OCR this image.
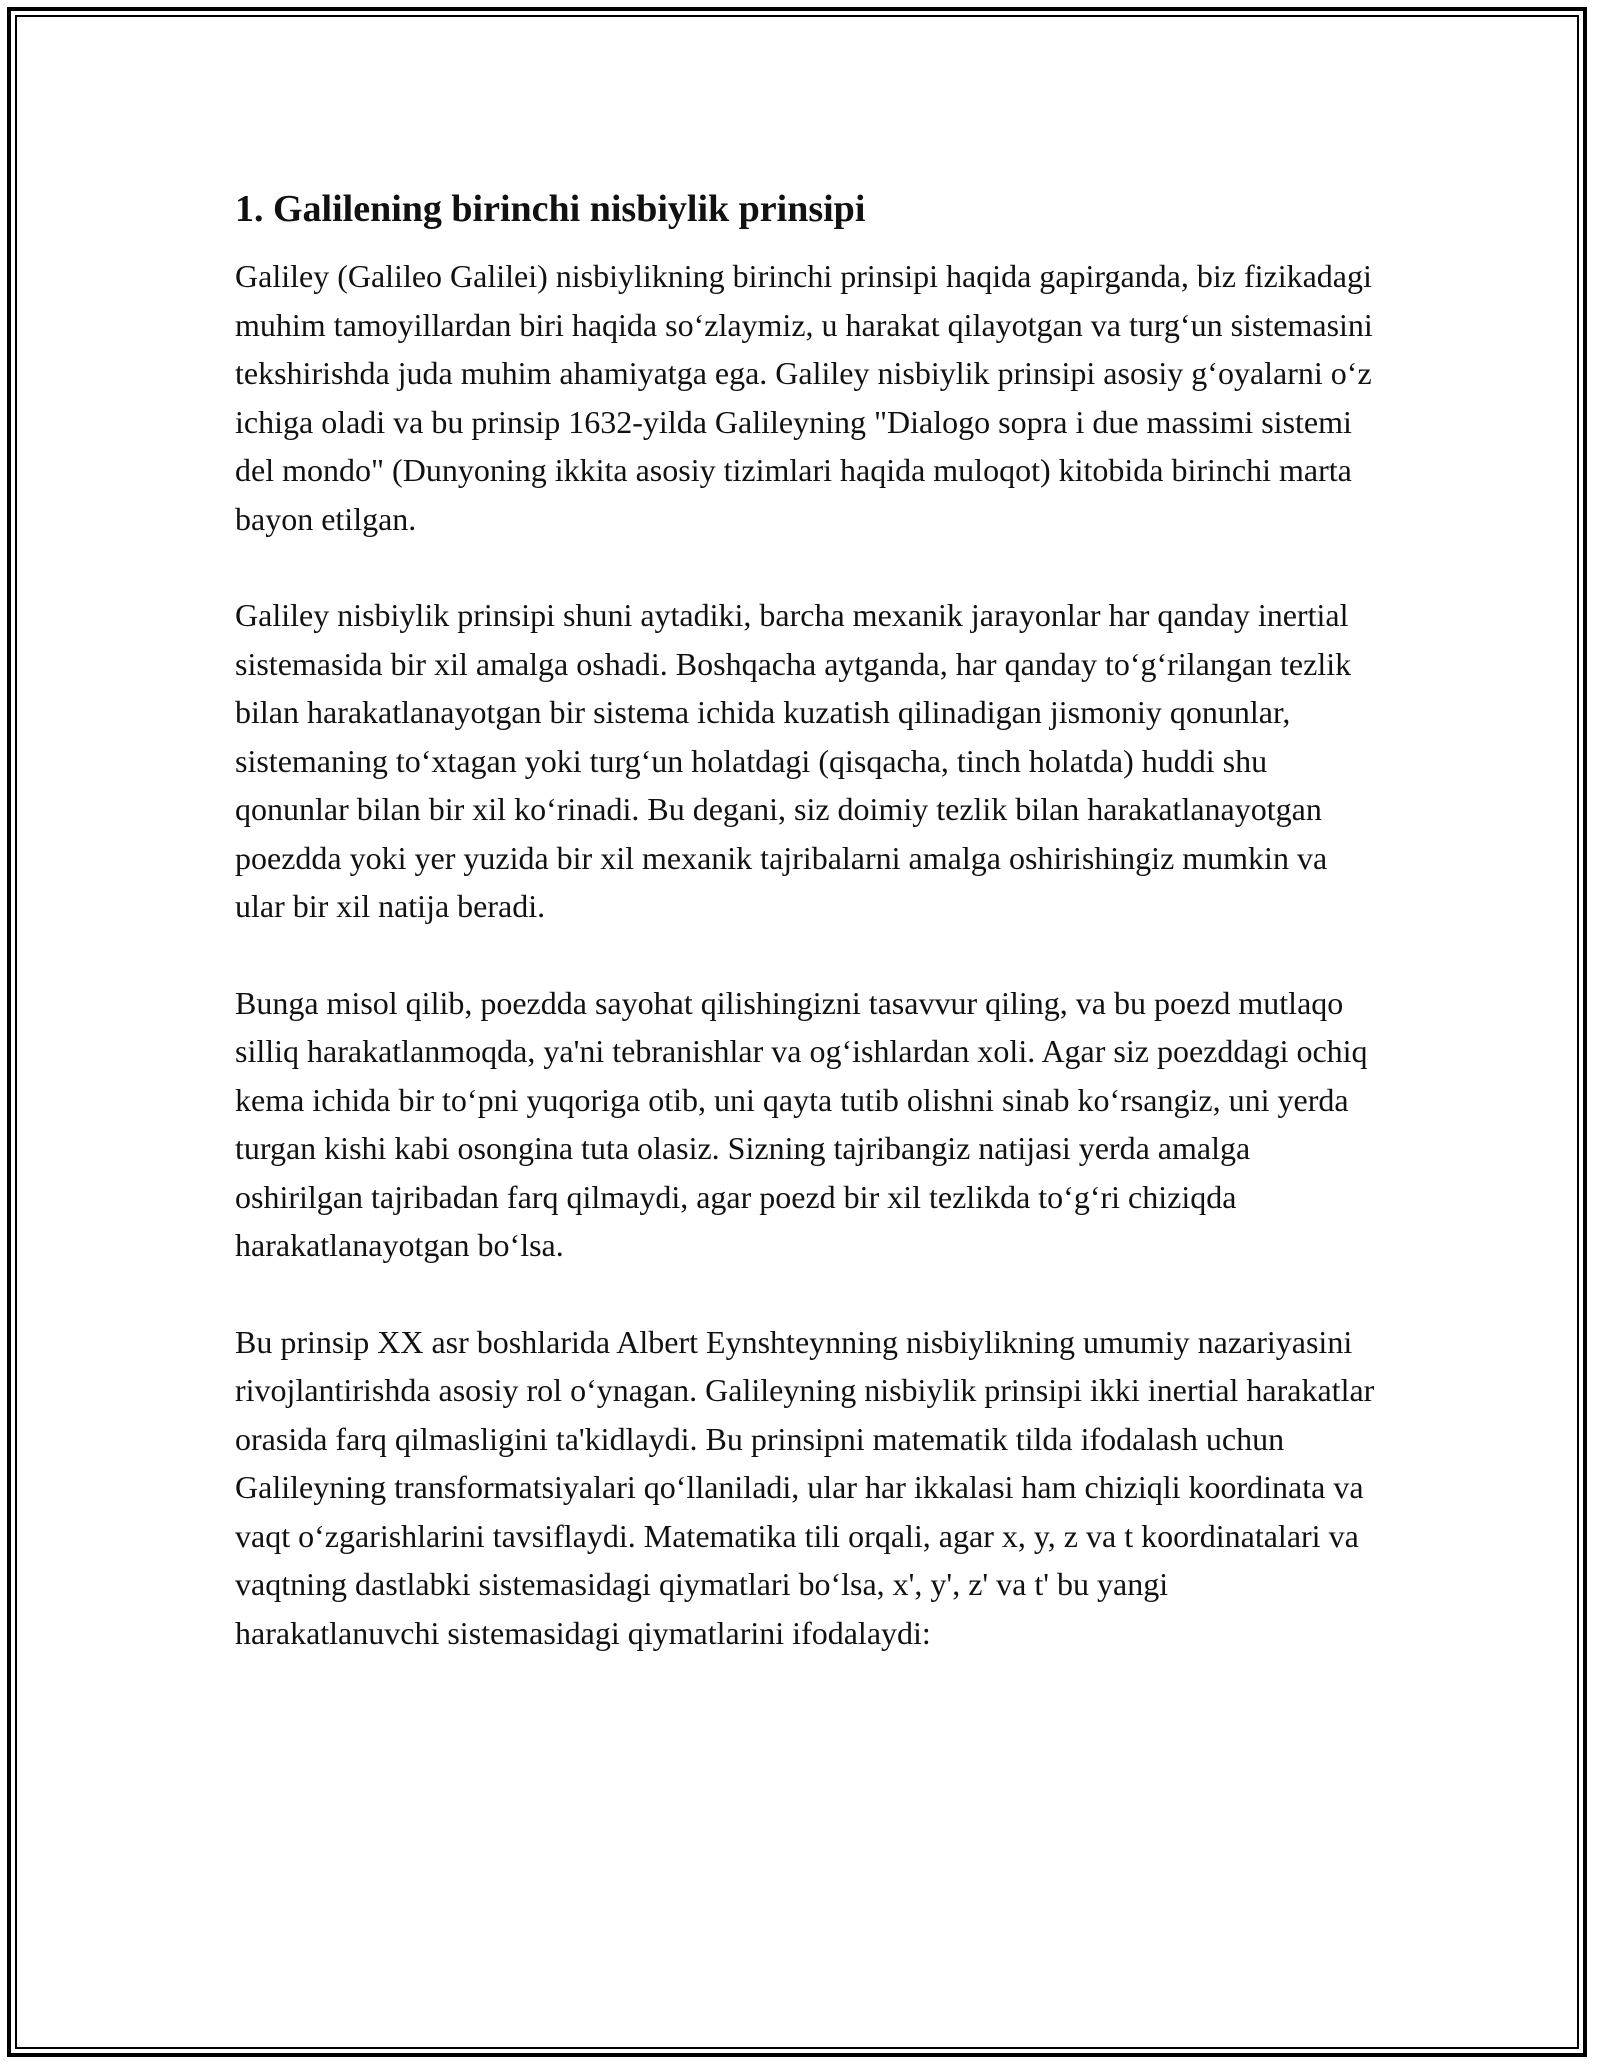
1. Galilening birinchi nisbiylik prinsipi

Galiley (Galileo Galilei) nisbiylikning birinchi prinsipi haqida gapirganda, biz fizikadagi muhim tamoyillardan biri haqida so‘zlaymiz, u harakat qilayotgan va turg‘un sistemasini tekshirishda juda muhim ahamiyatga ega. Galiley nisbiylik prinsipi asosiy g‘oyalarni o‘z ichiga oladi va bu prinsip 1632-yilda Galileyning "Dialogo sopra i due massimi sistemi del mondo" (Dunyoning ikkita asosiy tizimlari haqida muloqot) kitobida birinchi marta bayon etilgan.

Galiley nisbiylik prinsipi shuni aytadiki, barcha mexanik jarayonlar har qanday inertial sistemasida bir xil amalga oshadi. Boshqacha aytganda, har qanday to‘g‘rilangan tezlik bilan harakatlanayotgan bir sistema ichida kuzatish qilinadigan jismoniy qonunlar, sistemaning to‘xtagan yoki turg‘un holatdagi (qisqacha, tinch holatda) huddi shu qonunlar bilan bir xil ko‘rinadi. Bu degani, siz doimiy tezlik bilan harakatlanayotgan poezdda yoki yer yuzida bir xil mexanik tajribalarni amalga oshirishingiz mumkin va ular bir xil natija beradi.

Bunga misol qilib, poezdda sayohat qilishingizni tasavvur qiling, va bu poezd mutlaqo silliq harakatlanmoqda, ya'ni tebranishlar va og‘ishlardan xoli. Agar siz poezddagi ochiq kema ichida bir to‘pni yuqoriga otib, uni qayta tutib olishni sinab ko‘rsangiz, uni yerda turgan kishi kabi osongina tuta olasiz. Sizning tajribangiz natijasi yerda amalga oshirilgan tajribadan farq qilmaydi, agar poezd bir xil tezlikda to‘g‘ri chiziqda harakatlanayotgan bo‘lsa.

Bu prinsip XX asr boshlarida Albert Eynshteynning nisbiylikning umumiy nazariyasini rivojlantirishda asosiy rol o‘ynagan. Galileyning nisbiylik prinsipi ikki inertial harakatlar orasida farq qilmasligini ta'kidlaydi. Bu prinsipni matematik tilda ifodalash uchun Galileyning transformatsiyalari qo‘llaniladi, ular har ikkalasi ham chiziqli koordinata va vaqt o‘zgarishlarini tavsiflaydi. Matematika tili orqali, agar x, y, z va t koordinatalari va vaqtning dastlabki sistemasidagi qiymatlari bo‘lsa, x', y', z' va t' bu yangi harakatlanuvchi sistemasidagi qiymatlarini ifodalaydi:
